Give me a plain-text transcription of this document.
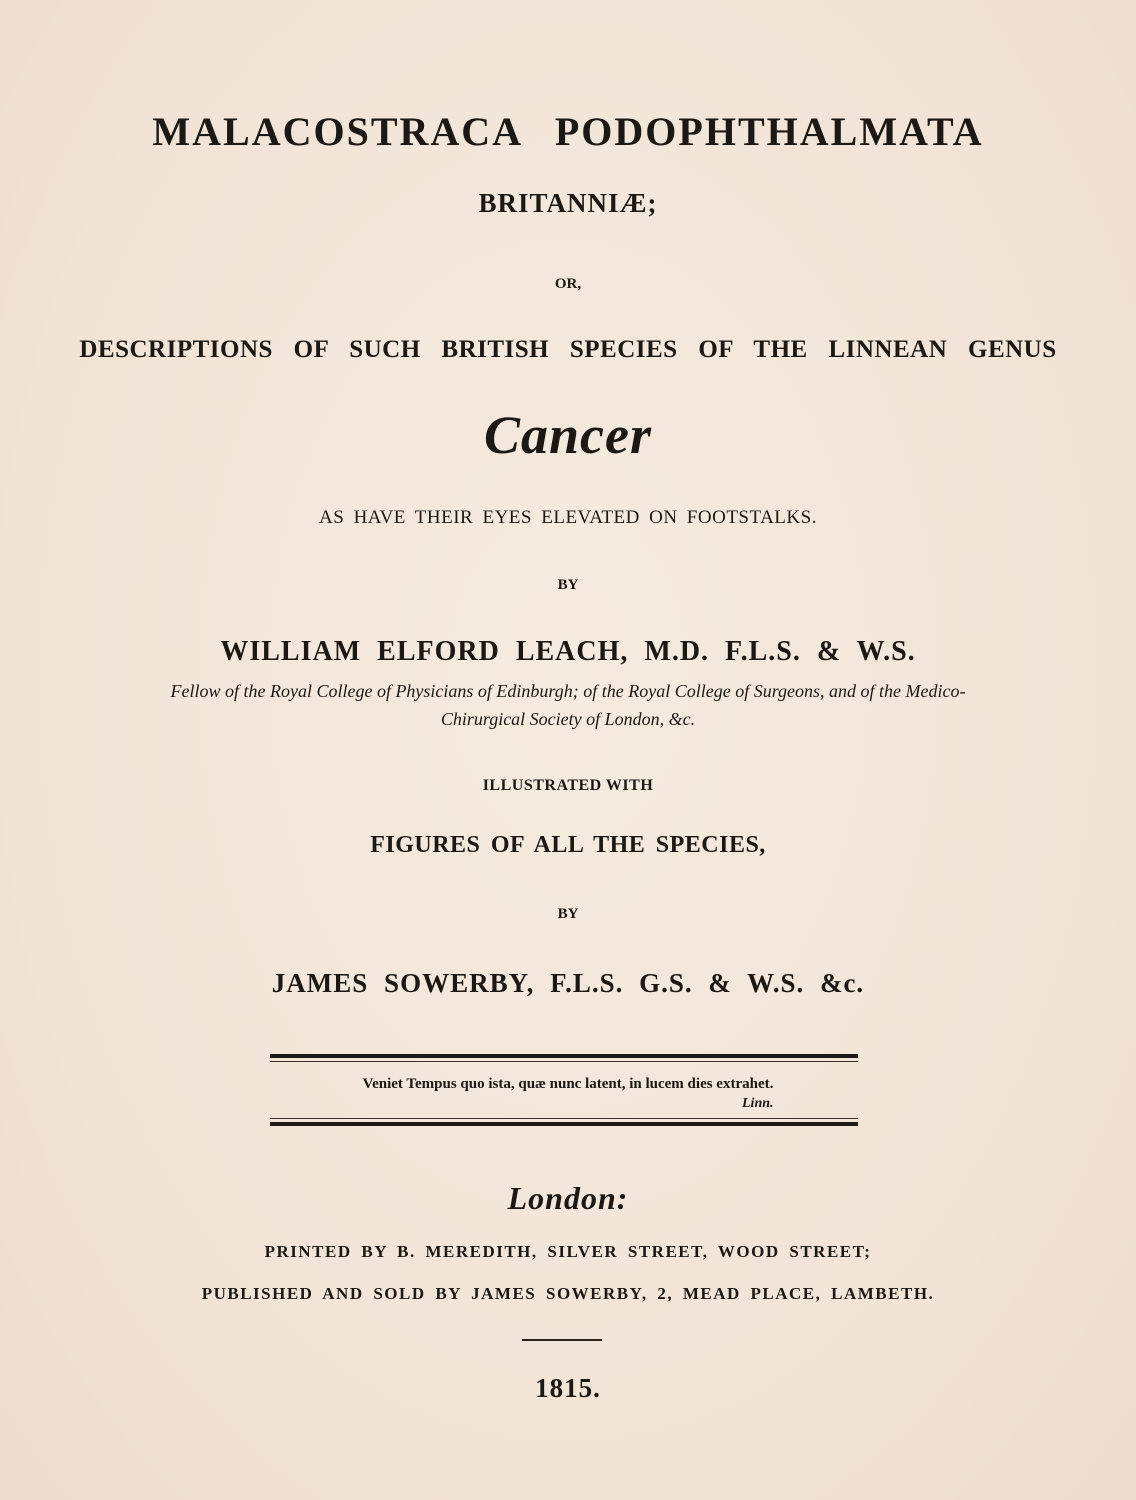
MALACOSTRACA PODOPHTHALMATA
BRITANNIÆ;
OR,
DESCRIPTIONS OF SUCH BRITISH SPECIES OF THE LINNEAN GENUS
Cancer
AS HAVE THEIR EYES ELEVATED ON FOOTSTALKS.
BY
WILLIAM ELFORD LEACH, M.D. F.L.S. & W.S.
Fellow of the Royal College of Physicians of Edinburgh; of the Royal College of Surgeons, and of the Medico-
Chirurgical Society of London, &c.
ILLUSTRATED WITH
FIGURES OF ALL THE SPECIES,
BY
JAMES SOWERBY, F.L.S. G.S. & W.S. &c.
Veniet Tempus quo ista, quæ nunc latent, in lucem dies extrahet.
Linn.
London:
PRINTED BY B. MEREDITH, SILVER STREET, WOOD STREET;
PUBLISHED AND SOLD BY JAMES SOWERBY, 2, MEAD PLACE, LAMBETH.
1815.
